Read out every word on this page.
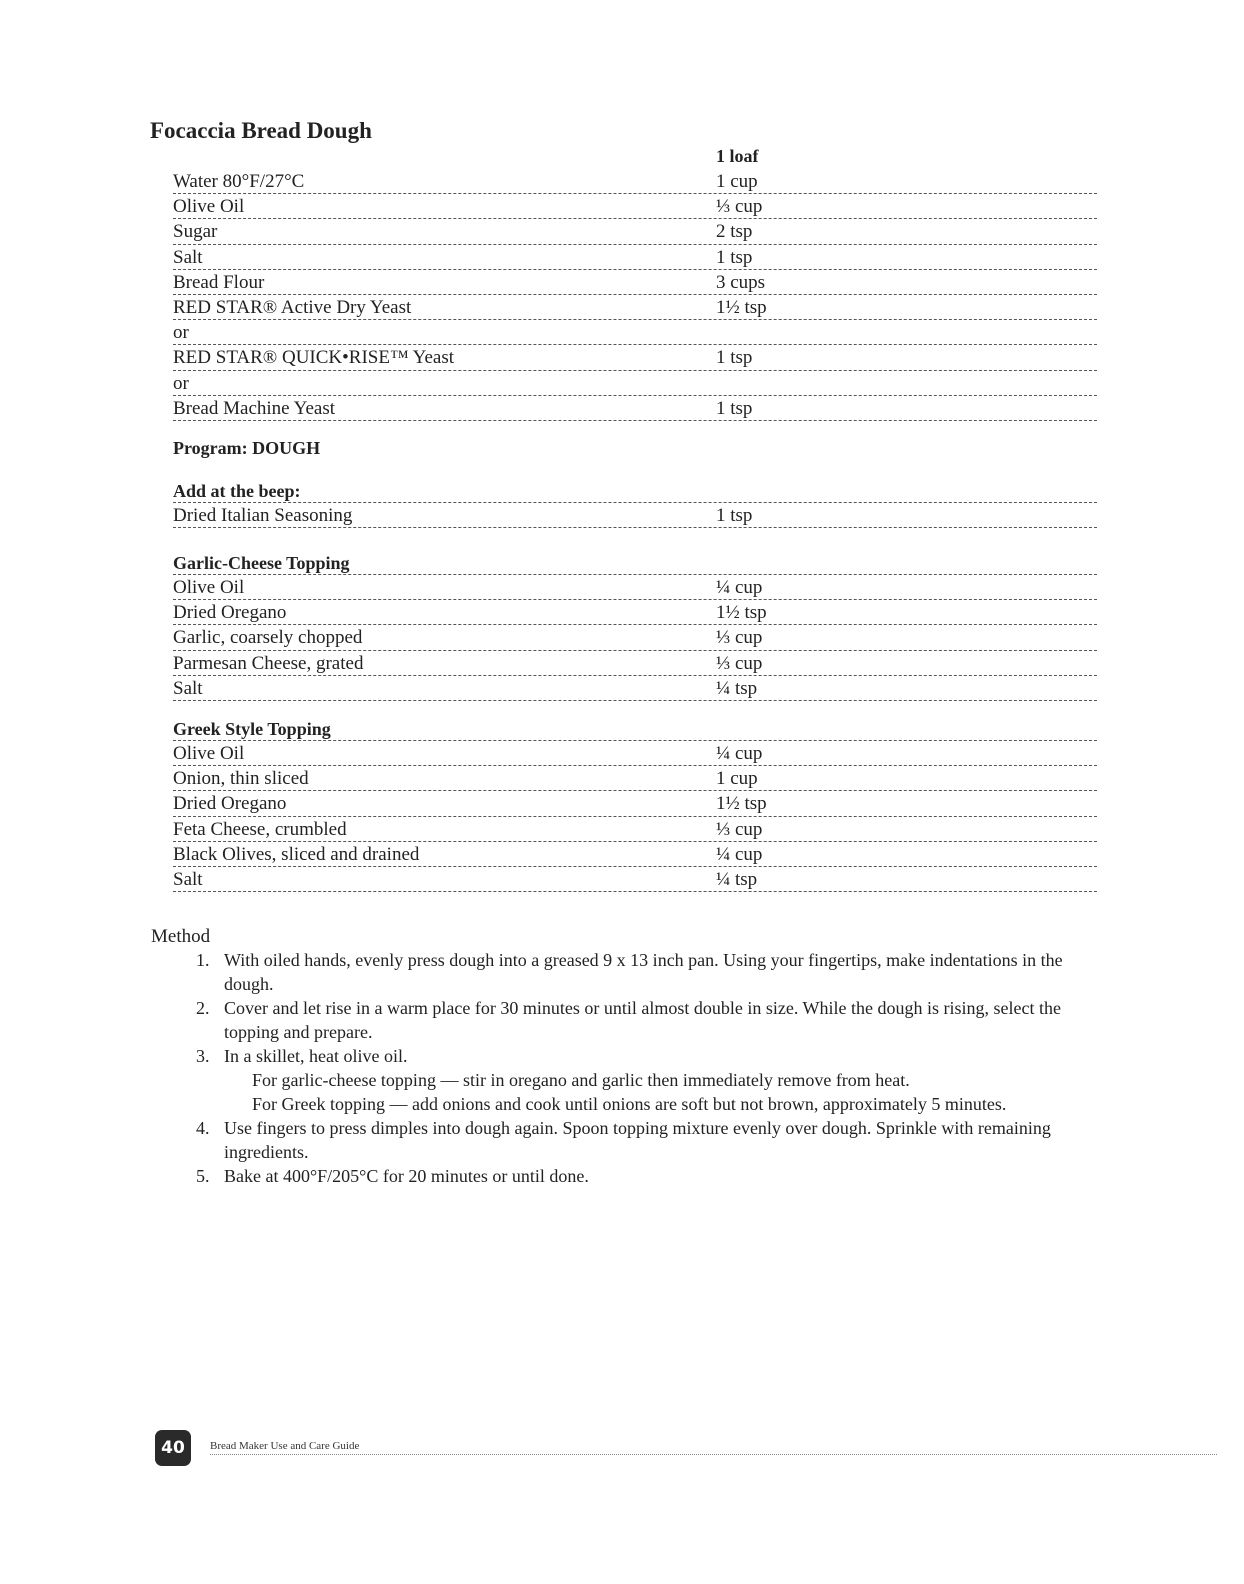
Focaccia Bread Dough
1 loaf
Water 80°F/27°C	1 cup
Olive Oil	⅓ cup
Sugar	2 tsp
Salt	1 tsp
Bread Flour	3 cups
RED STAR® Active Dry Yeast	1½ tsp
or
RED STAR® QUICK•RISE™ Yeast	1 tsp
or
Bread Machine Yeast	1 tsp
Program: DOUGH
Add at the beep:
Dried Italian Seasoning	1 tsp
Garlic-Cheese Topping
Olive Oil	¼ cup
Dried Oregano	1½ tsp
Garlic, coarsely chopped	⅓ cup
Parmesan Cheese, grated	⅓ cup
Salt	¼ tsp
Greek Style Topping
Olive Oil	¼ cup
Onion, thin sliced	1 cup
Dried Oregano	1½ tsp
Feta Cheese, crumbled	⅓ cup
Black Olives, sliced and drained	¼ cup
Salt	¼ tsp
Method
1. With oiled hands, evenly press dough into a greased 9 x 13 inch pan. Using your fingertips, make indentations in the dough.
2. Cover and let rise in a warm place for 30 minutes or until almost double in size. While the dough is rising, select the topping and prepare.
3. In a skillet, heat olive oil.
For garlic-cheese topping — stir in oregano and garlic then immediately remove from heat.
For Greek topping — add onions and cook until onions are soft but not brown, approximately 5 minutes.
4. Use fingers to press dimples into dough again. Spoon topping mixture evenly over dough. Sprinkle with remaining ingredients.
5. Bake at 400°F/205°C for 20 minutes or until done.
40	Bread Maker Use and Care Guide
